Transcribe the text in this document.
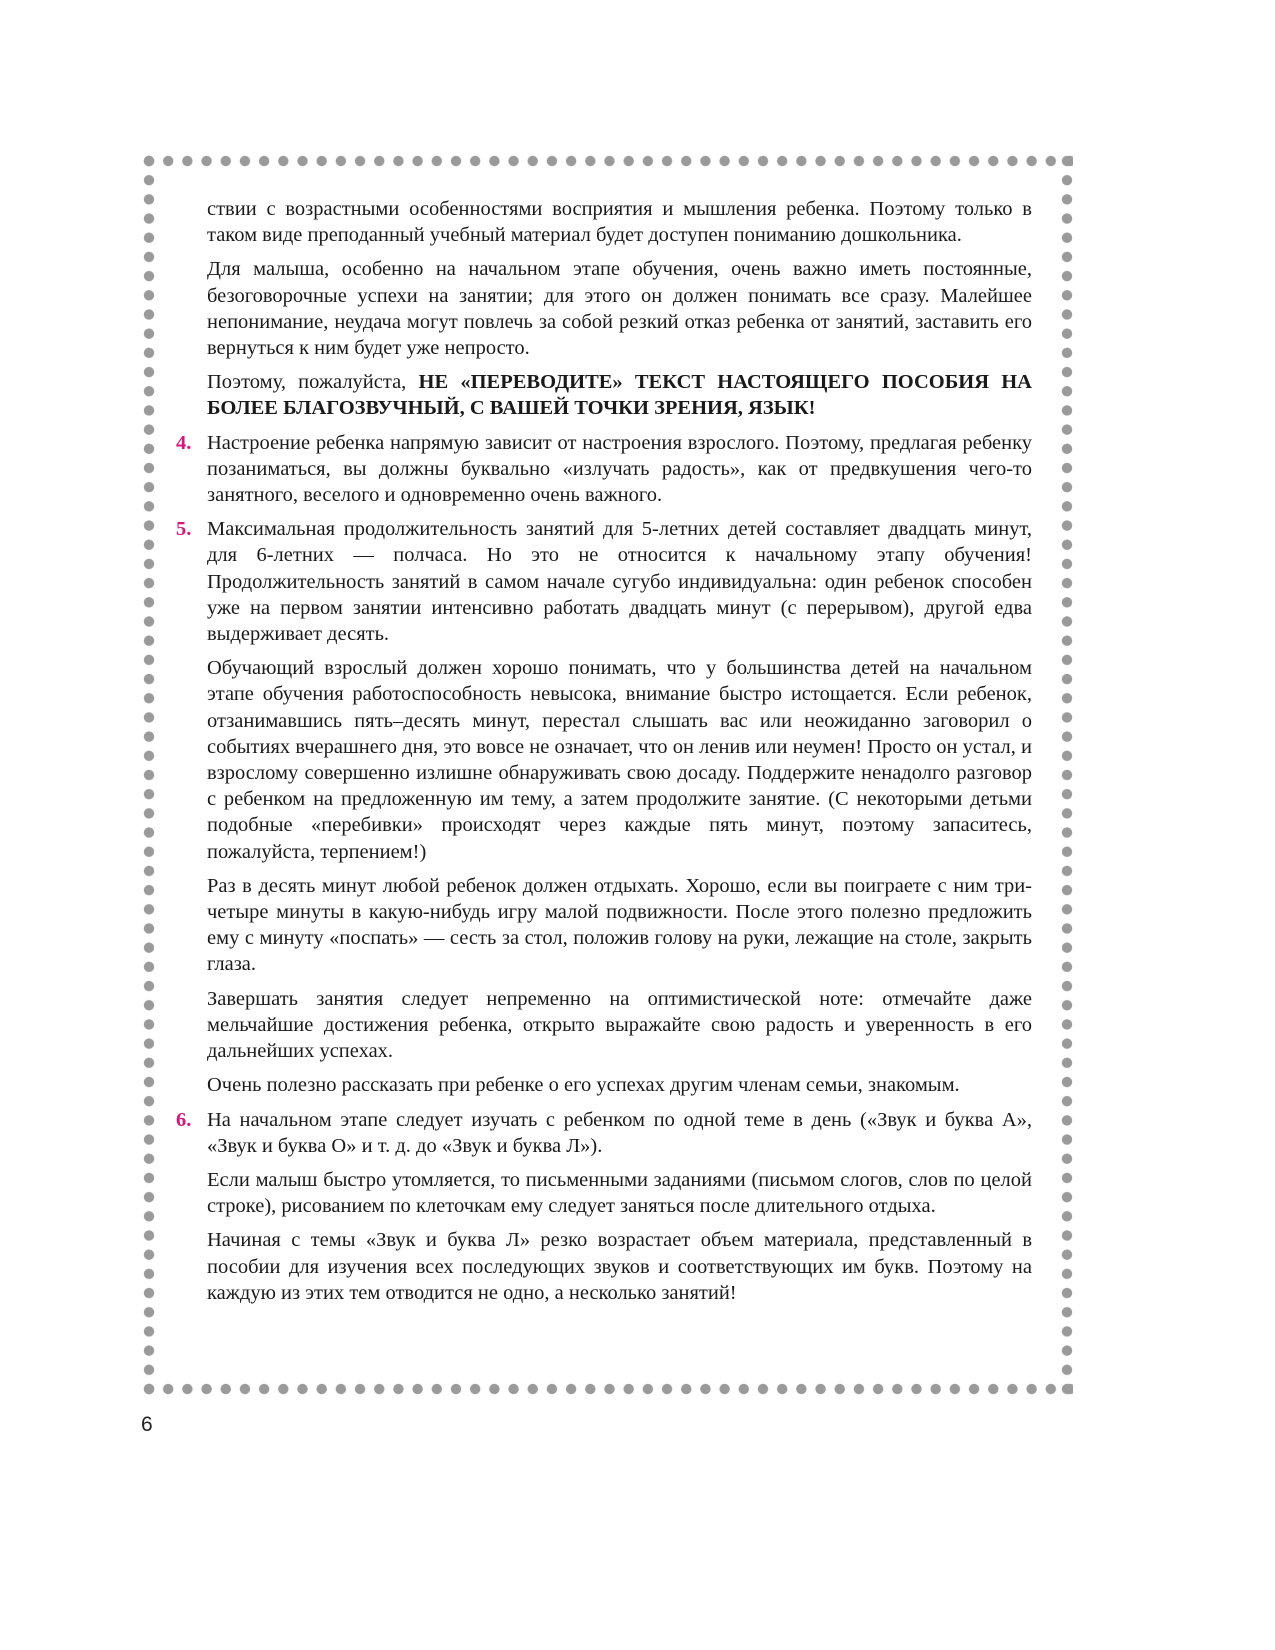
ствии с возрастными особенностями восприятия и мышления ребенка. Поэтому только в таком виде преподанный учебный материал будет доступен пониманию дошкольника.

Для малыша, особенно на начальном этапе обучения, очень важно иметь постоянные, безоговорочные успехи на занятии; для этого он должен понимать все сразу. Малейшее непонимание, неудача могут повлечь за собой резкий отказ ребенка от занятий, заставить его вернуться к ним будет уже непросто.

Поэтому, пожалуйста, НЕ «ПЕРЕВОДИТЕ» ТЕКСТ НАСТОЯЩЕГО ПОСОБИЯ НА БОЛЕЕ БЛАГОЗВУЧНЫЙ, С ВАШЕЙ ТОЧКИ ЗРЕНИЯ, ЯЗЫК!

4. Настроение ребенка напрямую зависит от настроения взрослого. Поэтому, предлагая ребенку позаниматься, вы должны буквально «излучать радость», как от предвкушения чего-то занятного, веселого и одновременно очень важного.

5. Максимальная продолжительность занятий для 5-летних детей составляет двадцать минут, для 6-летних — полчаса. Но это не относится к начальному этапу обучения! Продолжительность занятий в самом начале сугубо индивидуальна: один ребенок способен уже на первом занятии интенсивно работать двадцать минут (с перерывом), другой едва выдерживает десять.

Обучающий взрослый должен хорошо понимать, что у большинства детей на начальном этапе обучения работоспособность невысока, внимание быстро истощается. Если ребенок, отзанимавшись пять–десять минут, перестал слышать вас или неожиданно заговорил о событиях вчерашнего дня, это вовсе не означает, что он ленив или неумен! Просто он устал, и взрослому совершенно излишне обнаруживать свою досаду. Поддержите ненадолго разговор с ребенком на предложенную им тему, а затем продолжите занятие. (С некоторыми детьми подобные «перебивки» происходят через каждые пять минут, поэтому запаситесь, пожалуйста, терпением!)

Раз в десять минут любой ребенок должен отдыхать. Хорошо, если вы поиграете с ним три-четыре минуты в какую-нибудь игру малой подвижности. После этого полезно предложить ему с минуту «поспать» — сесть за стол, положив голову на руки, лежащие на столе, закрыть глаза.

Завершать занятия следует непременно на оптимистической ноте: отмечайте даже мельчайшие достижения ребенка, открыто выражайте свою радость и уверенность в его дальнейших успехах.

Очень полезно рассказать при ребенке о его успехах другим членам семьи, знакомым.

6. На начальном этапе следует изучать с ребенком по одной теме в день («Звук и буква А», «Звук и буква О» и т. д. до «Звук и буква Л»).

Если малыш быстро утомляется, то письменными заданиями (письмом слогов, слов по целой строке), рисованием по клеточкам ему следует заняться после длительного отдыха.

Начиная с темы «Звук и буква Л» резко возрастает объем материала, представленный в пособии для изучения всех последующих звуков и соответствующих им букв. Поэтому на каждую из этих тем отводится не одно, а несколько занятий!

6
